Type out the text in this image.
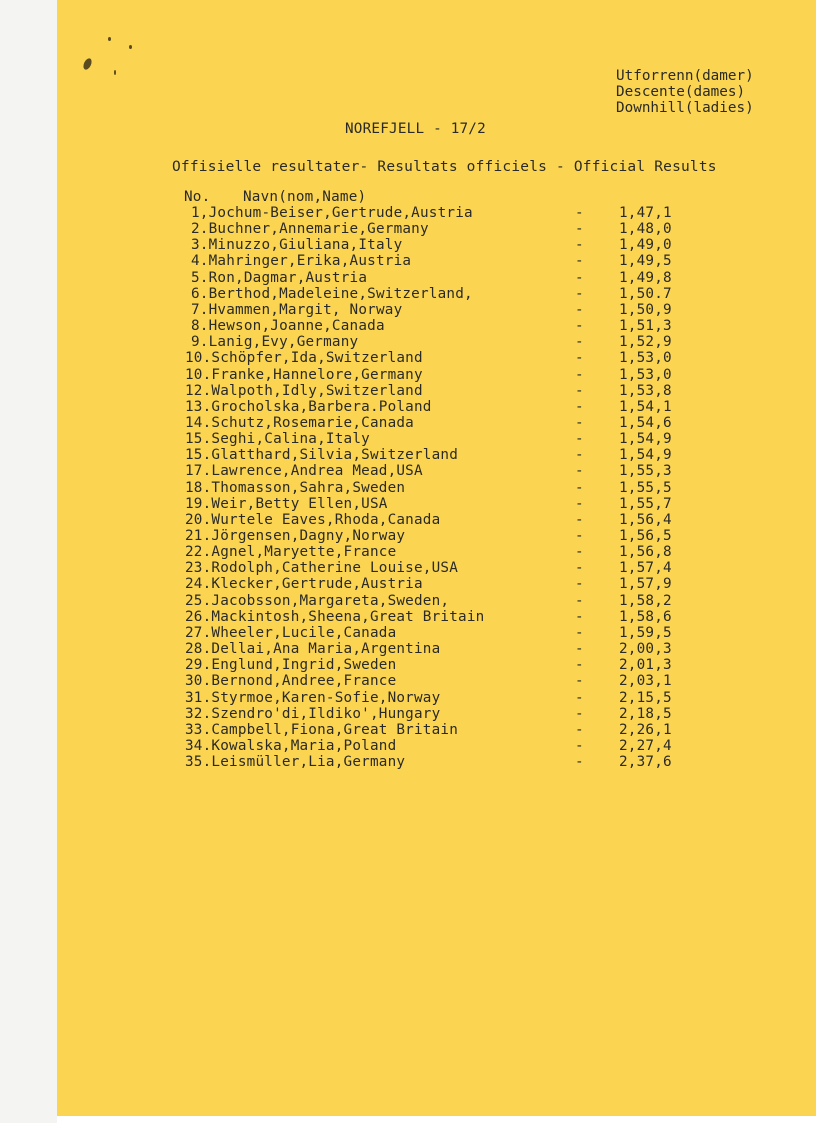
Utforrenn(damer)
Descente(dames)
Downhill(ladies)
NOREFJELL - 17/2
Offisielle resultater- Resultats officiels - Official Results
No. Navn(nom,Name)
1,Jochum-Beiser,Gertrude,Austria	- 1,47,1
2.Buchner,Annemarie,Germany	- 1,48,0
3.Minuzzo,Giuliana,Italy	- 1,49,0
4.Mahringer,Erika,Austria	- 1,49,5
5.Ron,Dagmar,Austria	- 1,49,8
6.Berthod,Madeleine,Switzerland,	- 1,50.7
7.Hvammen,Margit, Norway	- 1,50,9
8.Hewson,Joanne,Canada	- 1,51,3
9.Lanig,Evy,Germany	- 1,52,9
10.Schöpfer,Ida,Switzerland	- 1,53,0
10.Franke,Hannelore,Germany	- 1,53,0
12.Walpoth,Idly,Switzerland	- 1,53,8
13.Grocholska,Barbera.Poland	- 1,54,1
14.Schutz,Rosemarie,Canada	- 1,54,6
15.Seghi,Calina,Italy	- 1,54,9
15.Glatthard,Silvia,Switzerland	- 1,54,9
17.Lawrence,Andrea Mead,USA	- 1,55,3
18.Thomasson,Sahra,Sweden	- 1,55,5
19.Weir,Betty Ellen,USA	- 1,55,7
20.Wurtele Eaves,Rhoda,Canada	- 1,56,4
21.Jörgensen,Dagny,Norway	- 1,56,5
22.Agnel,Maryette,France	- 1,56,8
23.Rodolph,Catherine Louise,USA	- 1,57,4
24.Klecker,Gertrude,Austria	- 1,57,9
25.Jacobsson,Margareta,Sweden,	- 1,58,2
26.Mackintosh,Sheena,Great Britain	- 1,58,6
27.Wheeler,Lucile,Canada	- 1,59,5
28.Dellai,Ana Maria,Argentina	- 2,00,3
29.Englund,Ingrid,Sweden	- 2,01,3
30.Bernond,Andree,France	- 2,03,1
31.Styrmoe,Karen-Sofie,Norway	- 2,15,5
32.Szendro'di,Ildiko',Hungary	- 2,18,5
33.Campbell,Fiona,Great Britain	- 2,26,1
34.Kowalska,Maria,Poland	- 2,27,4
35.Leismüller,Lia,Germany	- 2,37,6
